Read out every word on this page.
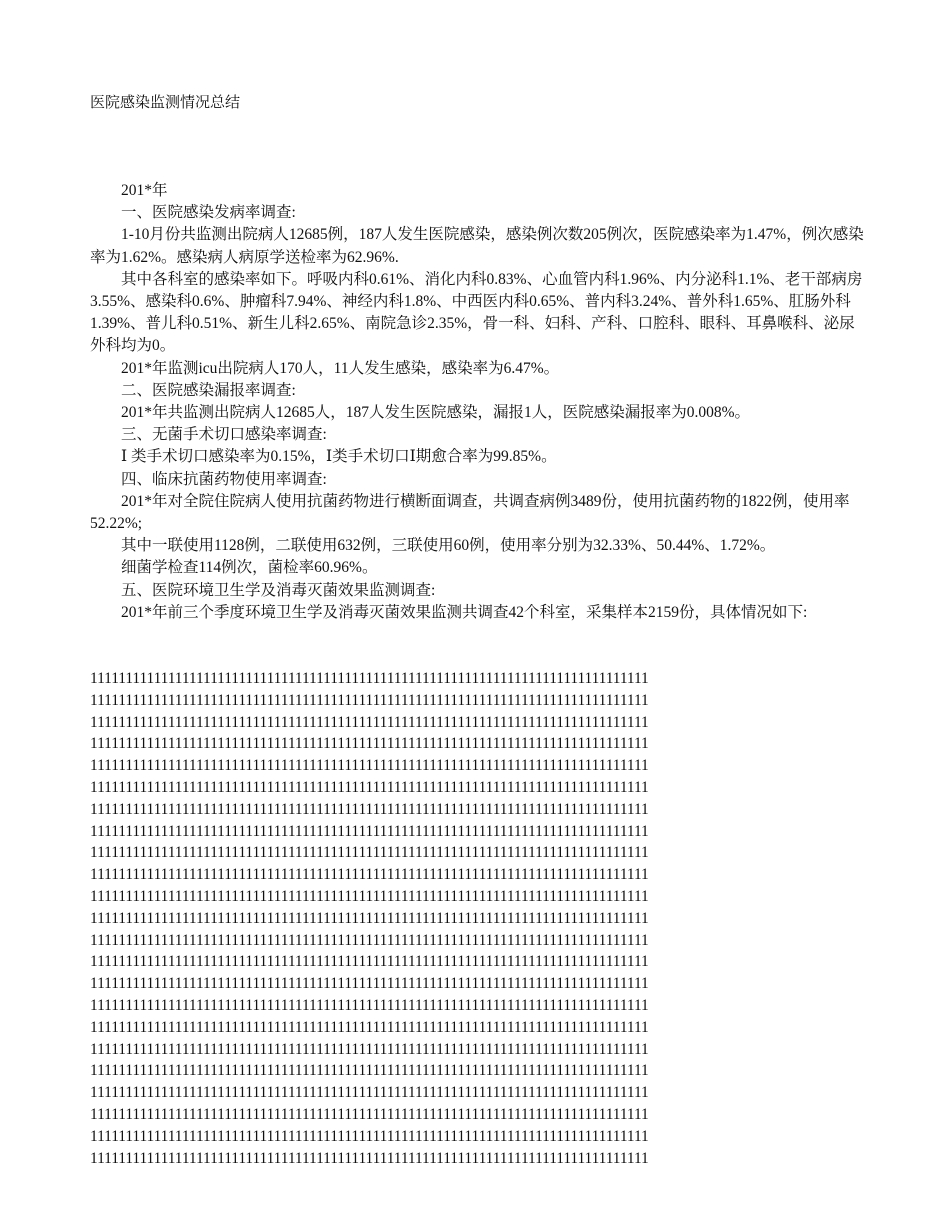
医院感染监测情况总结

201*年

一、医院感染发病率调查:

1-10月份共监测出院病人12685例，187人发生医院感染，感染例次数205例次，医院感染率为1.47%，例次感染率为1.62%。感染病人病原学送检率为62.96%.

其中各科室的感染率如下。呼吸内科0.61%、消化内科0.83%、心血管内科1.96%、内分泌科1.1%、老干部病房3.55%、感染科0.6%、肿瘤科7.94%、神经内科1.8%、中西医内科0.65%、普内科3.24%、普外科1.65%、肛肠外科1.39%、普儿科0.51%、新生儿科2.65%、南院急诊2.35%，骨一科、妇科、产科、口腔科、眼科、耳鼻喉科、泌尿外科均为0。

201*年监测icu出院病人170人，11人发生感染，感染率为6.47%。

二、医院感染漏报率调查:

201*年共监测出院病人12685人，187人发生医院感染，漏报1人，医院感染漏报率为0.008%。

三、无菌手术切口感染率调查:

Ⅰ 类手术切口感染率为0.15%，Ⅰ类手术切口Ⅰ期愈合率为99.85%。

四、临床抗菌药物使用率调查:

201*年对全院住院病人使用抗菌药物进行横断面调查，共调查病例3489份，使用抗菌药物的1822例，使用率52.22%;

其中一联使用1128例，二联使用632例，三联使用60例，使用率分别为32.33%、50.44%、1.72%。

细菌学检查114例次，菌检率60.96%。

五、医院环境卫生学及消毒灭菌效果监测调查:

201*年前三个季度环境卫生学及消毒灭菌效果监测共调查42个科室，采集样本2159份，具体情况如下:

1111111111111111111111111111111111111111111111111111111111111111111111111111111
1111111111111111111111111111111111111111111111111111111111111111111111111111111
1111111111111111111111111111111111111111111111111111111111111111111111111111111
1111111111111111111111111111111111111111111111111111111111111111111111111111111
1111111111111111111111111111111111111111111111111111111111111111111111111111111
1111111111111111111111111111111111111111111111111111111111111111111111111111111
1111111111111111111111111111111111111111111111111111111111111111111111111111111
1111111111111111111111111111111111111111111111111111111111111111111111111111111
1111111111111111111111111111111111111111111111111111111111111111111111111111111
1111111111111111111111111111111111111111111111111111111111111111111111111111111
1111111111111111111111111111111111111111111111111111111111111111111111111111111
1111111111111111111111111111111111111111111111111111111111111111111111111111111
1111111111111111111111111111111111111111111111111111111111111111111111111111111
1111111111111111111111111111111111111111111111111111111111111111111111111111111
1111111111111111111111111111111111111111111111111111111111111111111111111111111
1111111111111111111111111111111111111111111111111111111111111111111111111111111
1111111111111111111111111111111111111111111111111111111111111111111111111111111
1111111111111111111111111111111111111111111111111111111111111111111111111111111
1111111111111111111111111111111111111111111111111111111111111111111111111111111
1111111111111111111111111111111111111111111111111111111111111111111111111111111
1111111111111111111111111111111111111111111111111111111111111111111111111111111
1111111111111111111111111111111111111111111111111111111111111111111111111111111
1111111111111111111111111111111111111111111111111111111111111111111111111111111
